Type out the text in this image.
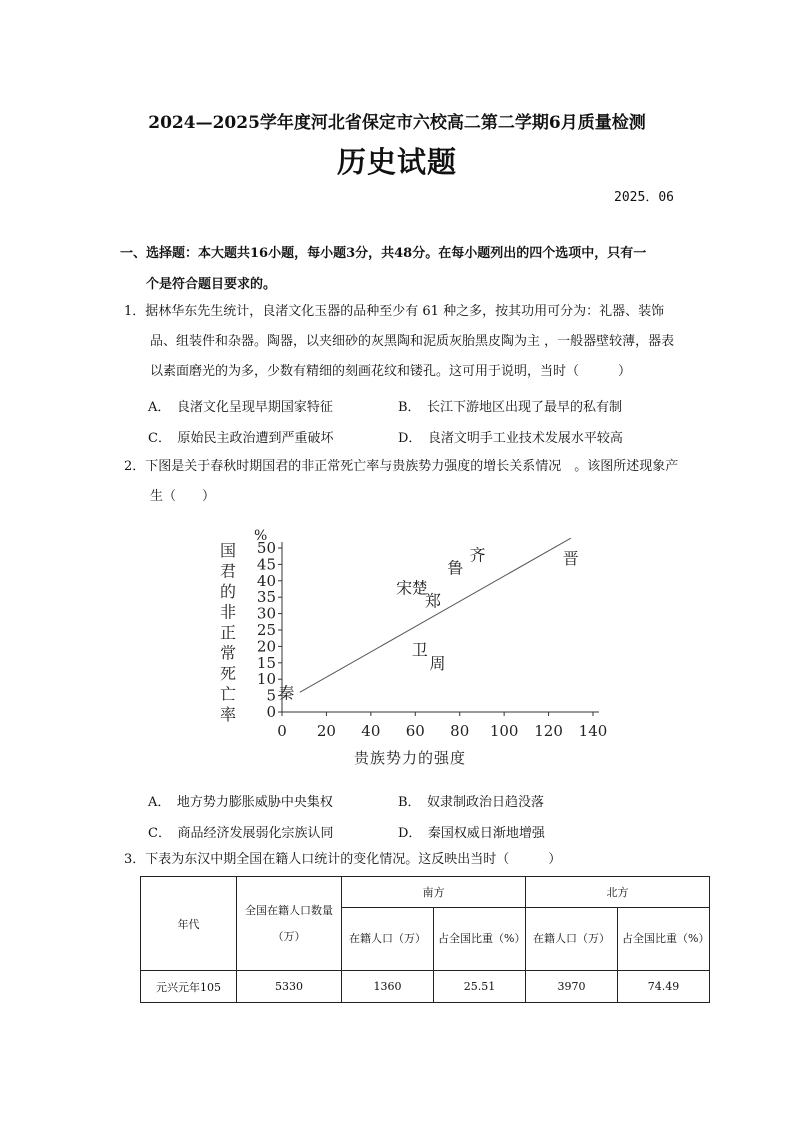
2024—2025学年度河北省保定市六校高二第二学期6月质量检测
历史试题
2025．06
一、选择题：本大题共16小题，每小题3分，共48分。在每小题列出的四个选项中，只有一
个是符合题目要求的。
1．据林华东先生统计，良渚文化玉器的品种至少有 61 种之多，按其功用可分为：礼器、装饰
品、组装件和杂器。陶器，以夹细砂的灰黑陶和泥质灰胎黑皮陶为主 ，一般器壁较薄，器表
以素面磨光的为多，少数有精细的刻画花纹和镂孔。这可用于说明，当时（　　　）
A．　良渚文化呈现早期国家特征	B．　长江下游地区出现了最早的私有制
C．　原始民主政治遭到严重破坏	D．　良渚文明手工业技术发展水平较高
2．下图是关于春秋时期国君的非正常死亡率与贵族势力强度的增长关系情况　。该图所述现象产
生（　　）
国
君
的
非
正
常
死
亡
率
%
0
5
10
15
20
25
30
35
40
45
50
0 20 40 60 80 100 120 140
秦
宋 楚
郑
鲁
齐
卫
周
晋
贵族势力的强度
A．　地方势力膨胀威胁中央集权	B．　奴隶制政治日趋没落
C．　商品经济发展弱化宗族认同	D．　秦国权威日渐地增强
3．下表为东汉中期全国在籍人口统计的变化情况。这反映出当时（　　　）
年代	全国在籍人口数量（万）	南方		北方	
		在籍人口（万）	占全国比重（%）	在籍人口（万）	占全国比重（%）
元兴元年105	5330	1360	25.51	3970	74.49
